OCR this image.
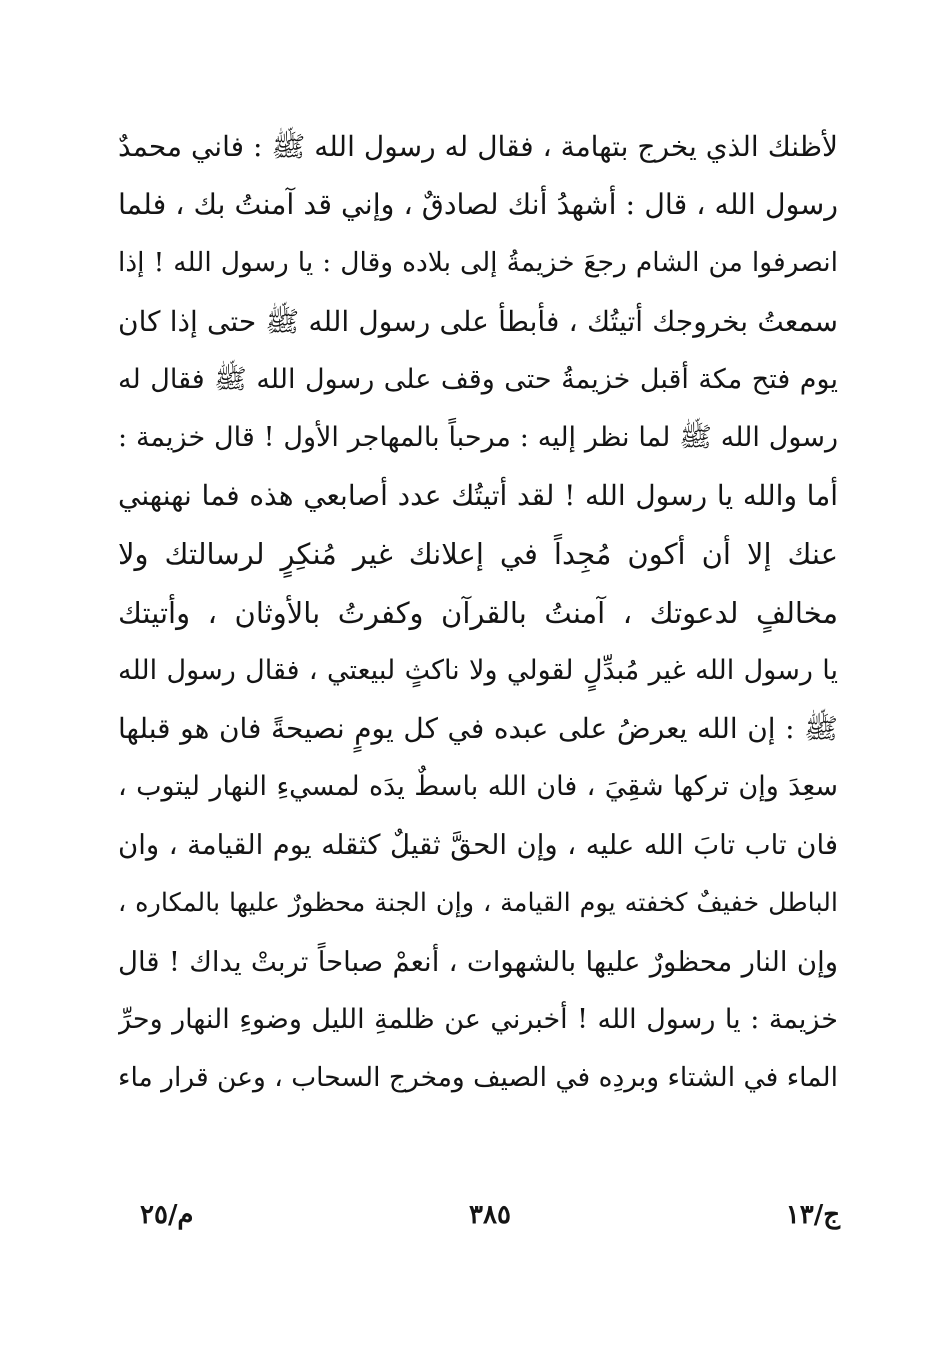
لأظنك الذي يخرج بتهامة ، فقال له رسول الله ﷺ : فاني محمدٌ
رسول الله ، قال : أشهدُ أنك لصادقٌ ، وإني قد آمنتُ بك ، فلما
انصرفوا من الشام رجعَ خزيمةُ إلى بلاده وقال : يا رسول الله ! إذا
سمعتُ بخروجك أتيتُك ، فأبطأ على رسول الله ﷺ حتى إذا كان
يوم فتح مكة أقبل خزيمةُ حتى وقف على رسول الله ﷺ فقال له
رسول الله ﷺ لما نظر إليه : مرحباً بالمهاجر الأول ! قال خزيمة :
أما والله يا رسول الله ! لقد أتيتُك عدد أصابعي هذه فما نهنهني
عنك إلا أن أكون مُجِداً في إعلانك غير مُنكِرٍ لرسالتك ولا
مخالفٍ لدعوتك ، آمنتُ بالقرآن وكفرتُ بالأوثان ، وأتيتك
يا رسول الله غير مُبدِّلٍ لقولي ولا ناكثٍ لبيعتي ، فقال رسول الله
ﷺ : إن الله يعرضُ على عبده في كل يومٍ نصيحةً فان هو قبلها
سعِدَ وإن تركها شقِيَ ، فان الله باسطٌ يدَه لمسيءِ النهار ليتوب ،
فان تاب تابَ الله عليه ، وإن الحقَّ ثقيلٌ كثقله يوم القيامة ، وان
الباطل خفيفٌ كخفته يوم القيامة ، وإن الجنة محظورٌ عليها بالمكاره ،
وإن النار محظورٌ عليها بالشهوات ، أنعمْ صباحاً تربتْ يداك ! قال
خزيمة : يا رسول الله ! أخبرني عن ظلمةِ الليل وضوءِ النهار وحرِّ
الماء في الشتاء وبردِه في الصيف ومخرج السحاب ، وعن قرار ماء
ج/١٣
٣٨٥
م/٢٥
